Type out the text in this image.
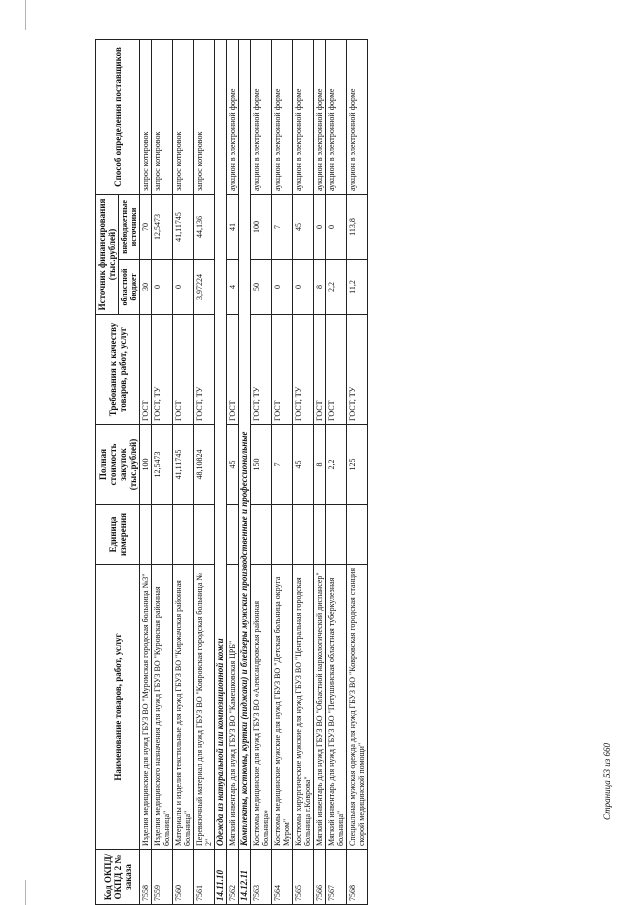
Код ОКПД/ ОКПД 2 № заказа	Наименование товаров, работ, услуг	Единица измерения	Полная стоимость закупок (тыс.рублей)	Требования к качеству товаров, работ, услуг	Источник финансирования (тыс.рублей)		Способ определения поставщиков
					областной бюджет	внебюджетные источники	
7558	Изделия медицинские для нужд ГБУЗ ВО "Муромская городская больница №3"		100	ГОСТ	30	70	запрос котировок
7559	Изделия медицинского назначения для нужд ГБУЗ ВО "Куровская районная больница"		12,5473	ГОСТ, ТУ	0	12,5473	запрос котировок
7560	Материалы и изделия текстильные для нужд ГБУЗ ВО "Киржачская районная больница"		41,11745	ГОСТ	0	41,11745	запрос котировок
7561	Перевязочный материал для нужд ГБУЗ ВО "Ковровская городская больница № 2"		48,10824	ГОСТ, ТУ	3,97224	44,136	запрос котировок
14.11.10	Одежда из натуральной или композиционной кожи						
7562	Мягкий инвентарь для нужд ГБУЗ ВО "Камешковская ЦРБ"		45	ГОСТ	4	41	аукцион в электронной форме
14.12.11	Комплекты, костюмы, куртки (пиджаки) и блейзеры мужские производственные и профессиональные						
7563	Костюмы медицинские для нужд ГБУЗ ВО «Александровская районная больница»		150	ГОСТ, ТУ	50	100	аукцион в электронной форме
7564	Костюмы медицинские мужские для нужд ГБУЗ ВО "Детская больница округа Муром"		7	ГОСТ	0	7	аукцион в электронной форме
7565	Костюмы хирургические мужские для нужд ГБУЗ ВО "Центральная городская больница г.Коврова"		45	ГОСТ, ТУ	0	45	аукцион в электронной форме
7566	Мягкий инвентарь для нужд ГБУЗ ВО "Областной наркологический диспансер"		8	ГОСТ	8	0	аукцион в электронной форме
7567	Мягкий инвентарь для нужд ГБУЗ ВО "Петушинская областная туберкулезная больница"		2,2	ГОСТ	2,2	0	аукцион в электронной форме
7568	Специальная мужская одежда для нужд ГБУЗ ВО "Ковровская городская станция скорой медицинской помощи"		125	ГОСТ, ТУ	11,2	113,8	аукцион в электронной форме
Страница 53 из 660
